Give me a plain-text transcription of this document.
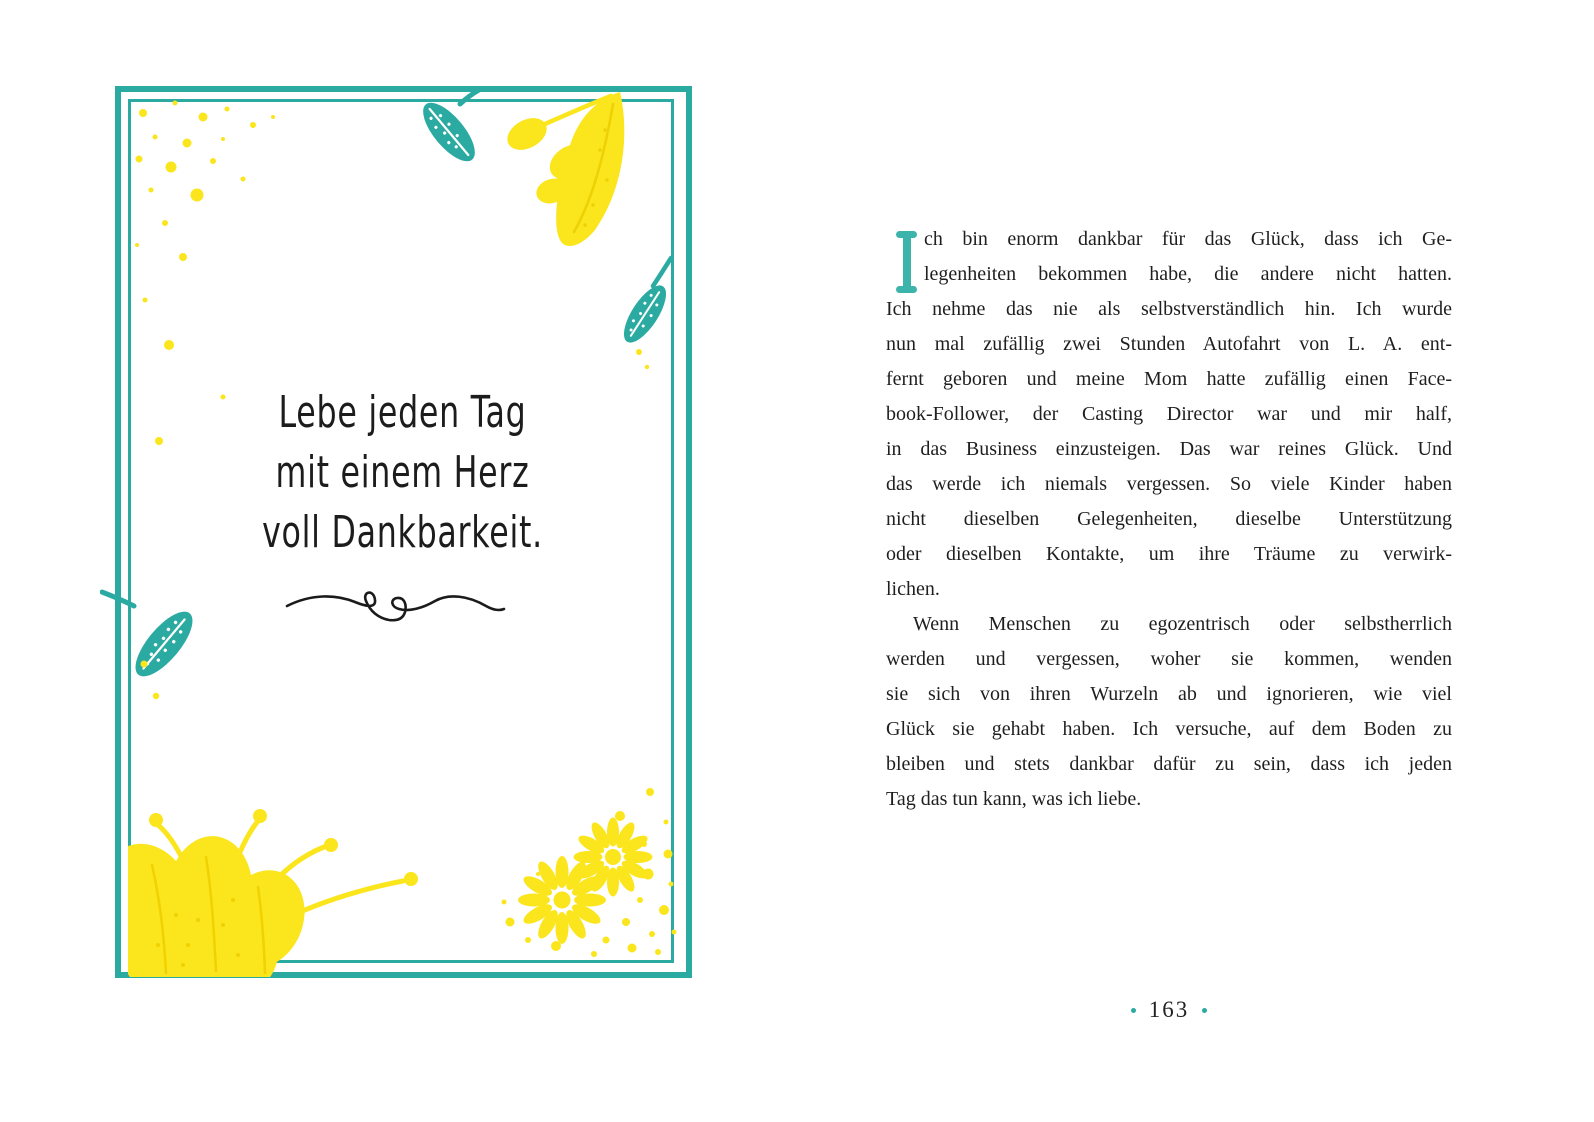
Lebe jeden Tag
mit einem Herz
voll Dankbarkeit.
ch bin enorm dankbar für das Glück, dass ich Ge-
legenheiten bekommen habe, die andere nicht hatten.
Ich nehme das nie als selbstverständlich hin. Ich wurde
nun mal zufällig zwei Stunden Autofahrt von L. A. ent-
fernt geboren und meine Mom hatte zufällig einen Face-
book-Follower, der Casting Director war und mir half,
in das Business einzusteigen. Das war reines Glück. Und
das werde ich niemals vergessen. So viele Kinder haben
nicht dieselben Gelegenheiten, dieselbe Unterstützung
oder dieselben Kontakte, um ihre Träume zu verwirk-
lichen.
Wenn Menschen zu egozentrisch oder selbstherrlich
werden und vergessen, woher sie kommen, wenden
sie sich von ihren Wurzeln ab und ignorieren, wie viel
Glück sie gehabt haben. Ich versuche, auf dem Boden zu
bleiben und stets dankbar dafür zu sein, dass ich jeden
Tag das tun kann, was ich liebe.
163
